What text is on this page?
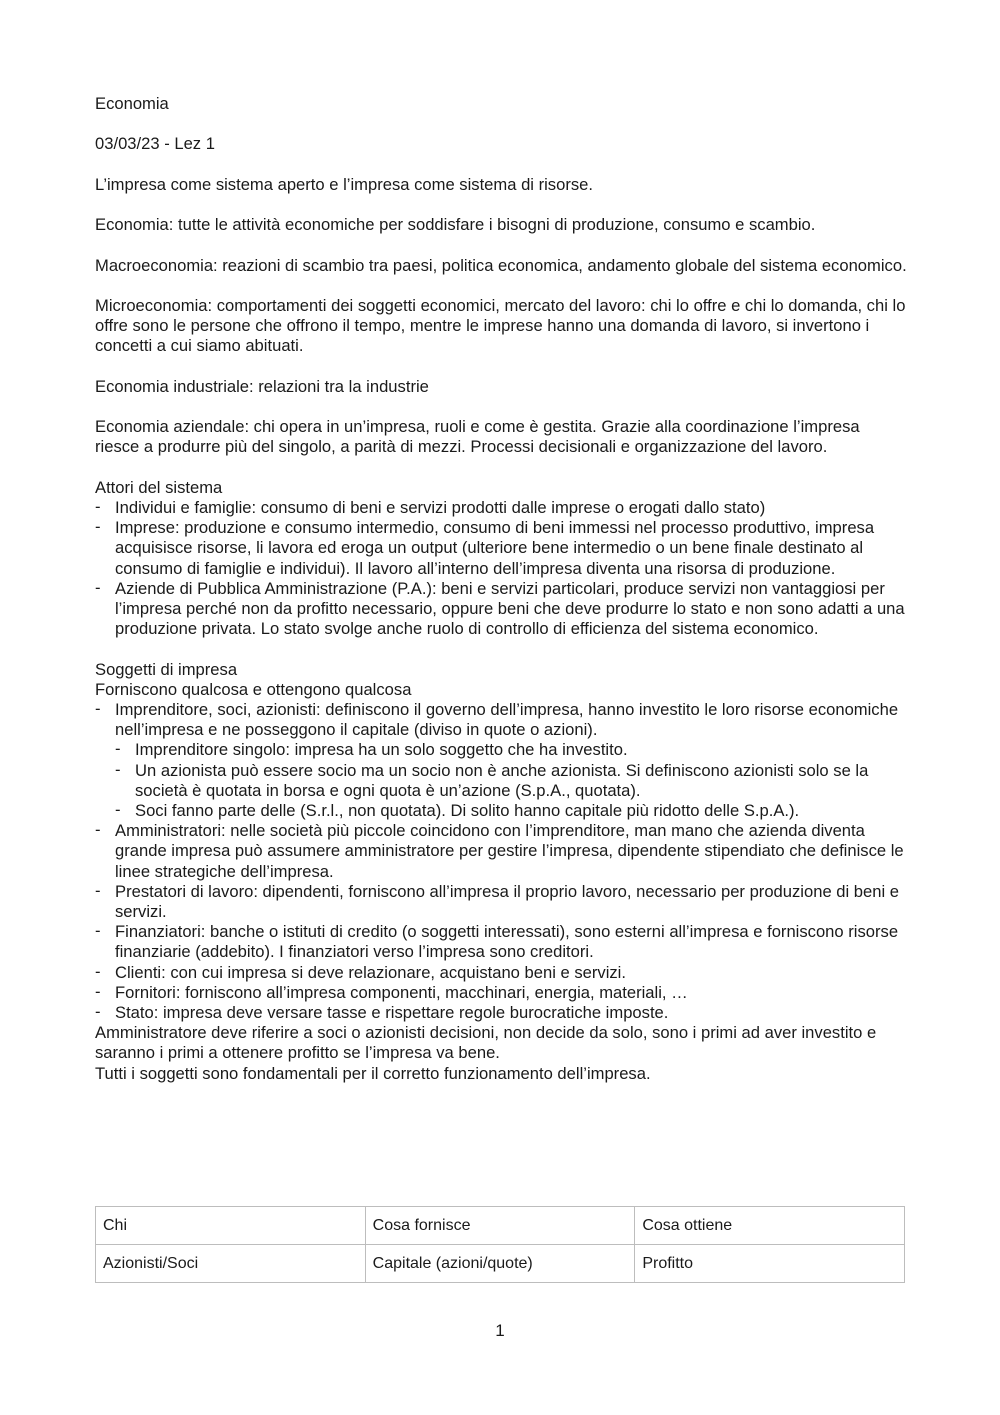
Economia

03/03/23 - Lez 1

L’impresa come sistema aperto e l’impresa come sistema di risorse.

Economia: tutte le attività economiche per soddisfare i bisogni di produzione, consumo e scambio.

Macroeconomia: reazioni di scambio tra paesi, politica economica, andamento globale del sistema economico.

Microeconomia: comportamenti dei soggetti economici, mercato del lavoro: chi lo offre e chi lo domanda, chi lo offre sono le persone che offrono il tempo, mentre le imprese hanno una domanda di lavoro, si invertono i concetti a cui siamo abituati.

Economia industriale: relazioni tra la industrie

Economia aziendale: chi opera in un’impresa, ruoli e come è gestita. Grazie alla coordinazione l’impresa riesce a produrre più del singolo, a parità di mezzi. Processi decisionali e organizzazione del lavoro.

Attori del sistema

- Individui e famiglie: consumo di beni e servizi prodotti dalle imprese o erogati dallo stato)
- Imprese: produzione e consumo intermedio, consumo di beni immessi nel processo produttivo, impresa acquisisce risorse, li lavora ed eroga un output (ulteriore bene intermedio o un bene finale destinato al consumo di famiglie e individui). Il lavoro all’interno dell’impresa diventa una risorsa di produzione.
- Aziende di Pubblica Amministrazione (P.A.): beni e servizi particolari, produce servizi non vantaggiosi per l’impresa perché non da profitto necessario, oppure beni che deve produrre lo stato e non sono adatti a una produzione privata. Lo stato svolge anche ruolo di controllo di efficienza del sistema economico.

Soggetti di impresa

Forniscono qualcosa e ottengono qualcosa

- Imprenditore, soci, azionisti: definiscono il governo dell’impresa, hanno investito le loro risorse economiche nell’impresa e ne posseggono il capitale (diviso in quote o azioni).
- Imprenditore singolo: impresa ha un solo soggetto che ha investito.
- Un azionista può essere socio ma un socio non è anche azionista. Si definiscono azionisti solo se la società è quotata in borsa e ogni quota è un’azione (S.p.A., quotata).
- Soci fanno parte delle (S.r.l., non quotata). Di solito hanno capitale più ridotto delle S.p.A.).
- Amministratori: nelle società più piccole coincidono con l’imprenditore, man mano che azienda diventa grande impresa può assumere amministratore per gestire l’impresa, dipendente stipendiato che definisce le linee strategiche dell’impresa.
- Prestatori di lavoro: dipendenti, forniscono all’impresa il proprio lavoro, necessario per produzione di beni e servizi.
- Finanziatori: banche o istituti di credito (o soggetti interessati), sono esterni all’impresa e forniscono risorse finanziarie (addebito). I finanziatori verso l’impresa sono creditori.
- Clienti: con cui impresa si deve relazionare, acquistano beni e servizi.
- Fornitori: forniscono all’impresa componenti, macchinari, energia, materiali, …
- Stato: impresa deve versare tasse e rispettare regole burocratiche imposte.

Amministratore deve riferire a soci o azionisti decisioni, non decide da solo, sono i primi ad aver investito e saranno i primi a ottenere profitto se l’impresa va bene.

Tutti i soggetti sono fondamentali per il corretto funzionamento dell’impresa.

Chi	Cosa fornisce	Cosa ottiene
Azionisti/Soci	Capitale (azioni/quote)	Profitto
1
